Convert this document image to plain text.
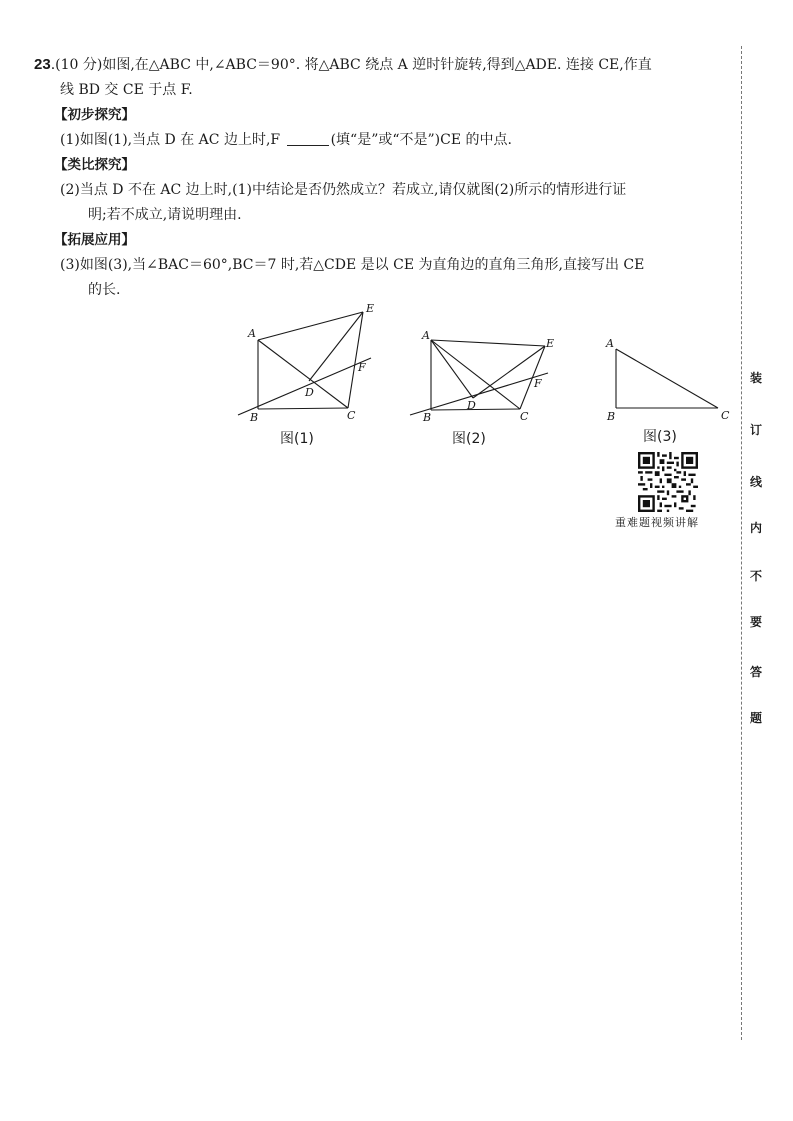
23.(10 分)如图,在△ABC 中,∠ABC＝90°. 将△ABC 绕点 A 逆时针旋转,得到△ADE. 连接 CE,作直
线 BD 交 CE 于点 F.
【初步探究】
(1)如图(1),当点 D 在 AC 边上时,F	(填“是”或“不是”)CE 的中点.
【类比探究】
(2)当点 D 不在 AC 边上时,(1)中结论是否仍然成立？若成立,请仅就图(2)所示的情形进行证
明;若不成立,请说明理由.
【拓展应用】
(3)如图(3),当∠BAC＝60°,BC＝7 时,若△CDE 是以 CE 为直角边的直角三角形,直接写出 CE
的长.
A
B	C
D
E
F
图(1)
A
B	C
D
E
F
图(2)
A
B	C
图(3)
重难题视频讲解
装
订
线
内
不
要
答
题
